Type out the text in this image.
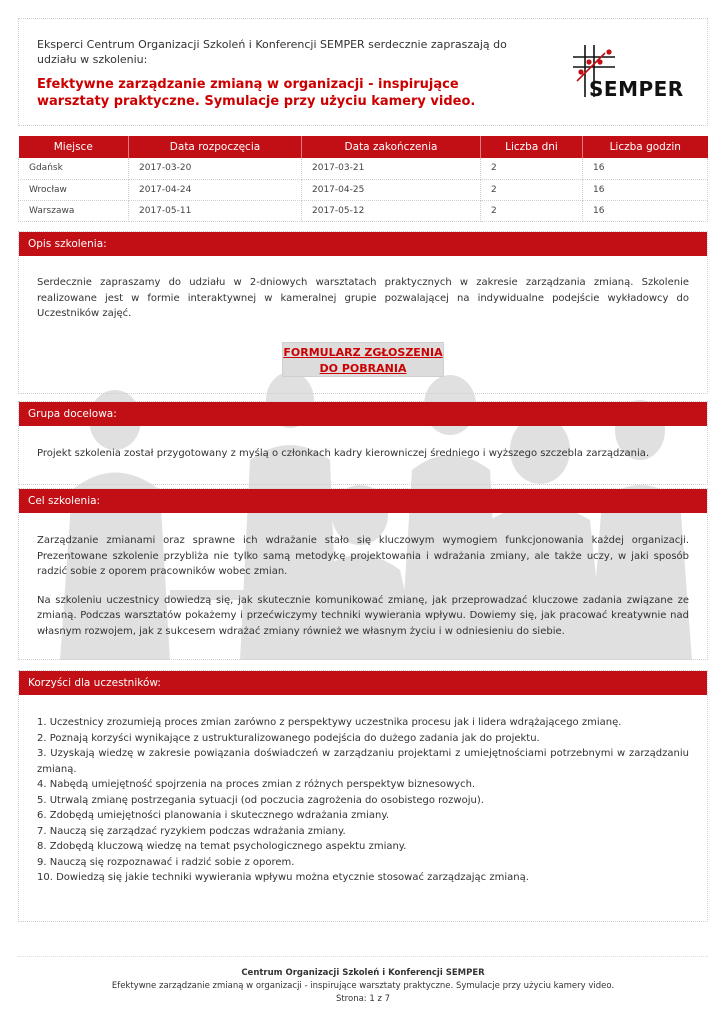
Eksperci Centrum Organizacji Szkoleń i Konferencji SEMPER serdecznie zapraszają do udziału w szkoleniu:
Efektywne zarządzanie zmianą w organizacji - inspirujące warsztaty praktyczne. Symulacje przy użyciu kamery video.
SEMPER
Miejsce	Data rozpoczęcia	Data zakończenia	Liczba dni	Liczba godzin
Gdańsk	2017-03-20	2017-03-21	2	16
Wrocław	2017-04-24	2017-04-25	2	16
Warszawa	2017-05-11	2017-05-12	2	16
Opis szkolenia:

Serdecznie zapraszamy do udziału w 2-dniowych warsztatach praktycznych w zakresie zarządzania zmianą. Szkolenie realizowane jest w formie interaktywnej w kameralnej grupie pozwalającej na indywidualne podejście wykładowcy do Uczestników zajęć.

FORMULARZ ZGŁOSZENIA
DO POBRANIA
Grupa docelowa:

Projekt szkolenia został przygotowany z myślą o członkach kadry kierowniczej średniego i wyższego szczebla zarządzania.

Cel szkolenia:

Zarządzanie zmianami oraz sprawne ich wdrażanie stało się kluczowym wymogiem funkcjonowania każdej organizacji. Prezentowane szkolenie przybliża nie tylko samą metodykę projektowania i wdrażania zmiany, ale także uczy, w jaki sposób radzić sobie z oporem pracowników wobec zmian.

Na szkoleniu uczestnicy dowiedzą się, jak skutecznie komunikować zmianę, jak przeprowadzać kluczowe zadania związane ze zmianą. Podczas warsztatów pokażemy i przećwiczymy techniki wywierania wpływu. Dowiemy się, jak pracować kreatywnie nad własnym rozwojem, jak z sukcesem wdrażać zmiany również we własnym życiu i w odniesieniu do siebie.

Korzyści dla uczestników:
1. Uczestnicy zrozumieją proces zmian zarówno z perspektywy uczestnika procesu jak i lidera wdrążającego zmianę.
2. Poznają korzyści wynikające z ustrukturalizowanego podejścia do dużego zadania jak do projektu.
3. Uzyskają wiedzę w zakresie powiązania doświadczeń w zarządzaniu projektami z umiejętnościami potrzebnymi w zarządzaniu zmianą.
4. Nabędą umiejętność spojrzenia na proces zmian z różnych perspektyw biznesowych.
5. Utrwalą zmianę postrzegania sytuacji (od poczucia zagrożenia do osobistego rozwoju).
6. Zdobędą umiejętności planowania i skutecznego wdrażania zmiany.
7. Nauczą się zarządzać ryzykiem podczas wdrażania zmiany.
8. Zdobędą kluczową wiedzę na temat psychologicznego aspektu zmiany.
9. Nauczą się rozpoznawać i radzić sobie z oporem.
10. Dowiedzą się jakie techniki wywierania wpływu można etycznie stosować zarządzając zmianą.
Centrum Organizacji Szkoleń i Konferencji SEMPER
Efektywne zarządzanie zmianą w organizacji - inspirujące warsztaty praktyczne. Symulacje przy użyciu kamery video.
Strona: 1 z 7
